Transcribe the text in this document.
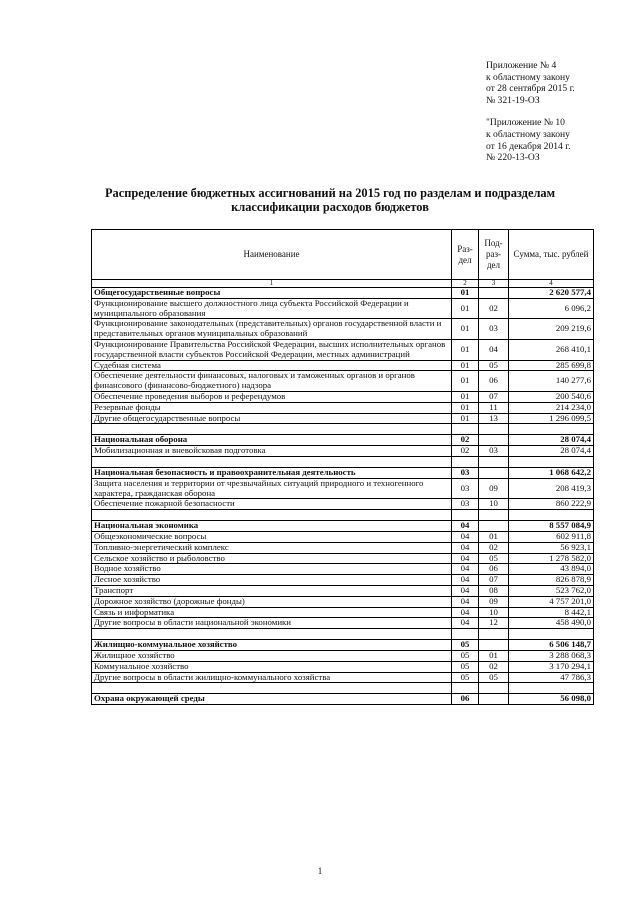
Приложение № 4
к областному закону
от 28 сентября 2015 г.
№ 321-19-ОЗ
"Приложение № 10
к областному закону
от 16 декабря 2014 г.
№ 220-13-ОЗ
Распределение бюджетных ассигнований на 2015 год по разделам и подразделам
классификации расходов бюджетов
Наименование	Раз-дел	Под-раз-дел	Сумма, тыс. рублей
1	2	3	4
Общегосударственные вопросы	01		2 620 577,4
Функционирование высшего должностного лица субъекта Российской Федерации и муниципального образования	01	02	6 096,2
Функционирование законодательных (представительных) органов государственной власти и представительных органов муниципальных образований	01	03	209 219,6
Функционирование Правительства Российской Федерации, высших исполнительных органов государственной власти субъектов Российской Федерации, местных администраций	01	04	268 410,1
Судебная система	01	05	285 699,8
Обеспечение деятельности финансовых, налоговых и таможенных органов и органов финансового (финансово-бюджетного) надзора	01	06	140 277,6
Обеспечение проведения выборов и референдумов	01	07	200 540,6
Резервные фонды	01	11	214 234,0
Другие общегосударственные вопросы	01	13	1 296 099,5

Национальная оборона	02		28 074,4
Мобилизационная и вневойсковая подготовка	02	03	28 074,4

Национальная безопасность и правоохранительная деятельность	03		1 068 642,2
Защита населения и территории от чрезвычайных ситуаций природного и техногенного характера, гражданская оборона	03	09	208 419,3
Обеспечение пожарной безопасности	03	10	860 222,9

Национальная экономика	04		8 557 084,9
Общеэкономические вопросы	04	01	602 911,8
Топливно-энергетический комплекс	04	02	56 923,1
Сельское хозяйство и рыболовство	04	05	1 278 582,0
Водное хозяйство	04	06	43 894,0
Лесное хозяйство	04	07	826 878,9
Транспорт	04	08	523 762,0
Дорожное хозяйство (дорожные фонды)	04	09	4 757 201,0
Связь и информатика	04	10	8 442,1
Другие вопросы в области национальной экономики	04	12	458 490,0

Жилищно-коммунальное хозяйство	05		6 506 148,7
Жилищное хозяйство	05	01	3 288 068,3
Коммунальное хозяйство	05	02	3 170 294,1
Другие вопросы в области жилищно-коммунального хозяйства	05	05	47 786,3

Охрана окружающей среды	06		56 098,0
1
